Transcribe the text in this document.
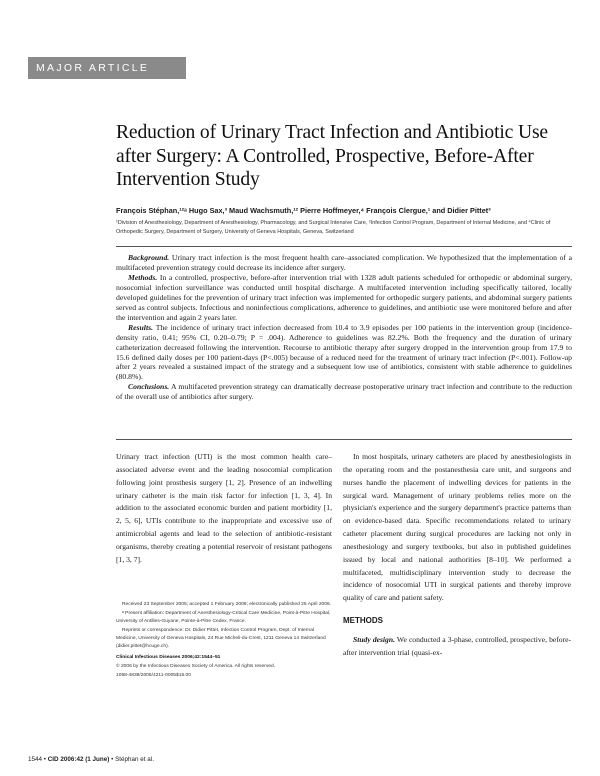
MAJOR ARTICLE
Reduction of Urinary Tract Infection and Antibiotic Use after Surgery: A Controlled, Prospective, Before-After Intervention Study
François Stéphan,¹²ᵃ Hugo Sax,³ Maud Wachsmuth,¹² Pierre Hoffmeyer,⁴ François Clergue,¹ and Didier Pittet³
¹Division of Anesthesiology, Department of Anesthesiology, Pharmacology, and Surgical Intensive Care, ²Infection Control Program, Department of Internal Medicine, and ⁴Clinic of Orthopedic Surgery, Department of Surgery, University of Geneva Hospitals, Geneva, Switzerland

Background. Urinary tract infection is the most frequent health care–associated complication. We hypothesized that the implementation of a multifaceted prevention strategy could decrease its incidence after surgery.

Methods. In a controlled, prospective, before-after intervention trial with 1328 adult patients scheduled for orthopedic or abdominal surgery, nosocomial infection surveillance was conducted until hospital discharge. A multifaceted intervention including specifically tailored, locally developed guidelines for the prevention of urinary tract infection was implemented for orthopedic surgery patients, and abdominal surgery patients served as control subjects. Infectious and noninfectious complications, adherence to guidelines, and antibiotic use were monitored before and after the intervention and again 2 years later.

Results. The incidence of urinary tract infection decreased from 10.4 to 3.9 episodes per 100 patients in the intervention group (incidence-density ratio, 0.41; 95% CI, 0.20–0.79; P = .004). Adherence to guidelines was 82.2%. Both the frequency and the duration of urinary catheterization decreased following the intervention. Recourse to antibiotic therapy after surgery dropped in the intervention group from 17.9 to 15.6 defined daily doses per 100 patient-days (P<.005) because of a reduced need for the treatment of urinary tract infection (P<.001). Follow-up after 2 years revealed a sustained impact of the strategy and a subsequent low use of antibiotics, consistent with stable adherence to guidelines (80.8%).

Conclusions. A multifaceted prevention strategy can dramatically decrease postoperative urinary tract infection and contribute to the reduction of the overall use of antibiotics after surgery.

Urinary tract infection (UTI) is the most common health care–associated adverse event and the leading nosocomial complication following joint prosthesis surgery [1, 2]. Presence of an indwelling urinary catheter is the main risk factor for infection [1, 3, 4]. In addition to the associated economic burden and patient morbidity [1, 2, 5, 6], UTIs contribute to the inappropriate and excessive use of antimicrobial agents and lead to the selection of antibiotic-resistant organisms, thereby creating a potential reservoir of resistant pathogens [1, 3, 7].

In most hospitals, urinary catheters are placed by anesthesiologists in the operating room and the postanesthesia care unit, and surgeons and nurses handle the placement of indwelling devices for patients in the surgical ward. Management of urinary problems relies more on the physician's experience and the surgery department's practice patterns than on evidence-based data. Specific recommendations related to urinary catheter placement during surgical procedures are lacking not only in anesthesiology and surgery textbooks, but also in published guidelines issued by local and national authorities [8–10]. We performed a multifaceted, multidisciplinary intervention study to decrease the incidence of nosocomial UTI in surgical patients and thereby improve quality of care and patient safety.

METHODS

Study design. We conducted a 3-phase, controlled, prospective, before-after intervention trial (quasi-ex-

Received 23 September 2005; accepted 1 February 2006; electronically published 25 April 2006.

ᵃ Present affiliation: Department of Anesthesiology-Critical Care Medicine, Point-à-Pitre Hospital, University of Antilles-Guyane, Pointe-à-Pitre Cedex, France.

Reprints or correspondence: Dr. Didier Pittet, Infection Control Program, Dept. of Internal Medicine, University of Geneva Hospitals, 24 Rue Micheli-du-Crest, 1211 Geneva 14 Switzerland (didier.pittet@hcuge.ch).

Clinical Infectious Diseases 2006;42:1544–51

© 2006 by the Infectious Diseases Society of America. All rights reserved.

1058-4838/2006/4211-0005$15.00

1544 • CID 2006:42 (1 June) • Stéphan et al.
